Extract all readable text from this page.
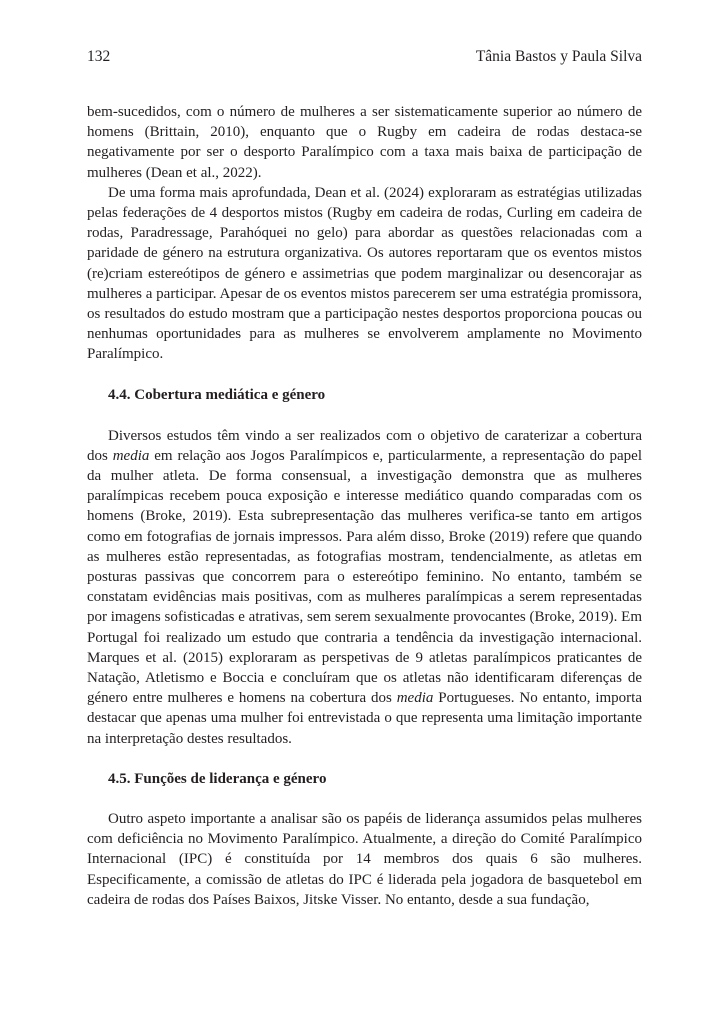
132	Tânia Bastos y Paula Silva

bem-sucedidos, com o número de mulheres a ser sistematicamente superior ao número de homens (Brittain, 2010), enquanto que o Rugby em cadeira de rodas destaca-se negativamente por ser o desporto Paralímpico com a taxa mais baixa de participação de mulheres (Dean et al., 2022).

De uma forma mais aprofundada, Dean et al. (2024) exploraram as estratégias utilizadas pelas federações de 4 desportos mistos (Rugby em cadeira de rodas, Curling em cadeira de rodas, Paradressage, Parahóquei no gelo) para abordar as questões relacionadas com a paridade de género na estrutura organizativa. Os autores reportaram que os eventos mistos (re)criam estereótipos de género e assimetrias que podem marginalizar ou desencorajar as mulheres a participar. Apesar de os eventos mistos parecerem ser uma estratégia promissora, os resultados do estudo mostram que a participação nestes desportos proporciona poucas ou nenhumas oportunidades para as mulheres se envolverem amplamente no Movimento Paralímpico.

4.4. Cobertura mediática e género

Diversos estudos têm vindo a ser realizados com o objetivo de caraterizar a cobertura dos media em relação aos Jogos Paralímpicos e, particularmente, a representação do papel da mulher atleta. De forma consensual, a investigação demonstra que as mulheres paralímpicas recebem pouca exposição e interesse mediático quando comparadas com os homens (Broke, 2019). Esta subrepresentação das mulheres verifica-se tanto em artigos como em fotografias de jornais impressos. Para além disso, Broke (2019) refere que quando as mulheres estão representadas, as fotografias mostram, tendencialmente, as atletas em posturas passivas que concorrem para o estereótipo feminino. No entanto, também se constatam evidências mais positivas, com as mulheres paralímpicas a serem representadas por imagens sofisticadas e atrativas, sem serem sexualmente provocantes (Broke, 2019). Em Portugal foi realizado um estudo que contraria a tendência da investigação internacional. Marques et al. (2015) exploraram as perspetivas de 9 atletas paralímpicos praticantes de Natação, Atletismo e Boccia e concluíram que os atletas não identificaram diferenças de género entre mulheres e homens na cobertura dos media Portugueses. No entanto, importa destacar que apenas uma mulher foi entrevistada o que representa uma limitação importante na interpretação destes resultados.

4.5. Funções de liderança e género

Outro aspeto importante a analisar são os papéis de liderança assumidos pelas mulheres com deficiência no Movimento Paralímpico. Atualmente, a direção do Comité Paralímpico Internacional (IPC) é constituída por 14 membros dos quais 6 são mulheres. Especificamente, a comissão de atletas do IPC é liderada pela jogadora de basquetebol em cadeira de rodas dos Países Baixos, Jitske Visser. No entanto, desde a sua fundação,
